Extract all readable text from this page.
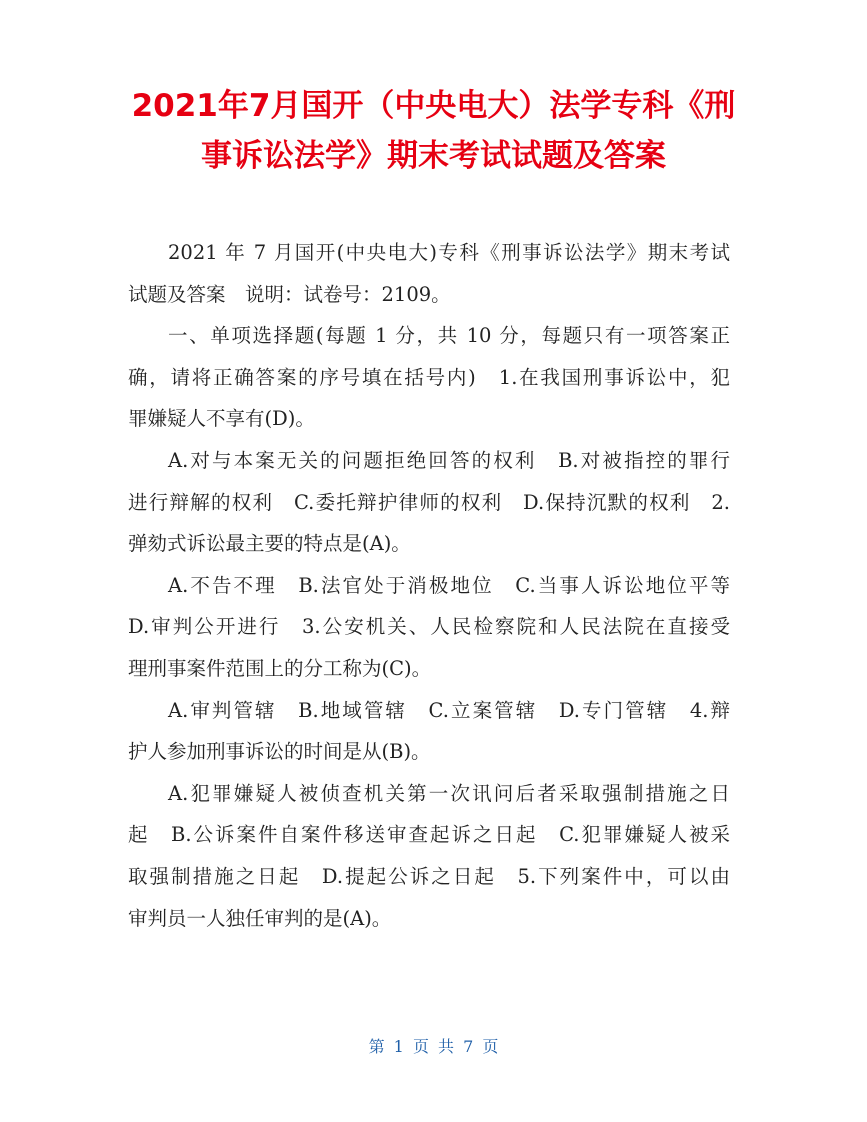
2021年7月国开（中央电大）法学专科《刑
事诉讼法学》期末考试试题及答案
2021 年 7 月国开(中央电大)专科《刑事诉讼法学》期末考试
试题及答案　说明：试卷号：2109。
一、单项选择题(每题 1 分，共 10 分，每题只有一项答案正
确，请将正确答案的序号填在括号内)　1.在我国刑事诉讼中，犯
罪嫌疑人不享有(D)。
A.对与本案无关的问题拒绝回答的权利　B.对被指控的罪行
进行辩解的权利　C.委托辩护律师的权利　D.保持沉默的权利　2.
弹劾式诉讼最主要的特点是(A)。
A.不告不理　B.法官处于消极地位　C.当事人诉讼地位平等
D.审判公开进行　3.公安机关、人民检察院和人民法院在直接受
理刑事案件范围上的分工称为(C)。
A.审判管辖　B.地域管辖　C.立案管辖　D.专门管辖　4.辩
护人参加刑事诉讼的时间是从(B)。
A.犯罪嫌疑人被侦查机关第一次讯问后者采取强制措施之日
起　B.公诉案件自案件移送审查起诉之日起　C.犯罪嫌疑人被采
取强制措施之日起　D.提起公诉之日起　5.下列案件中，可以由
审判员一人独任审判的是(A)。
第 1 页 共 7 页
